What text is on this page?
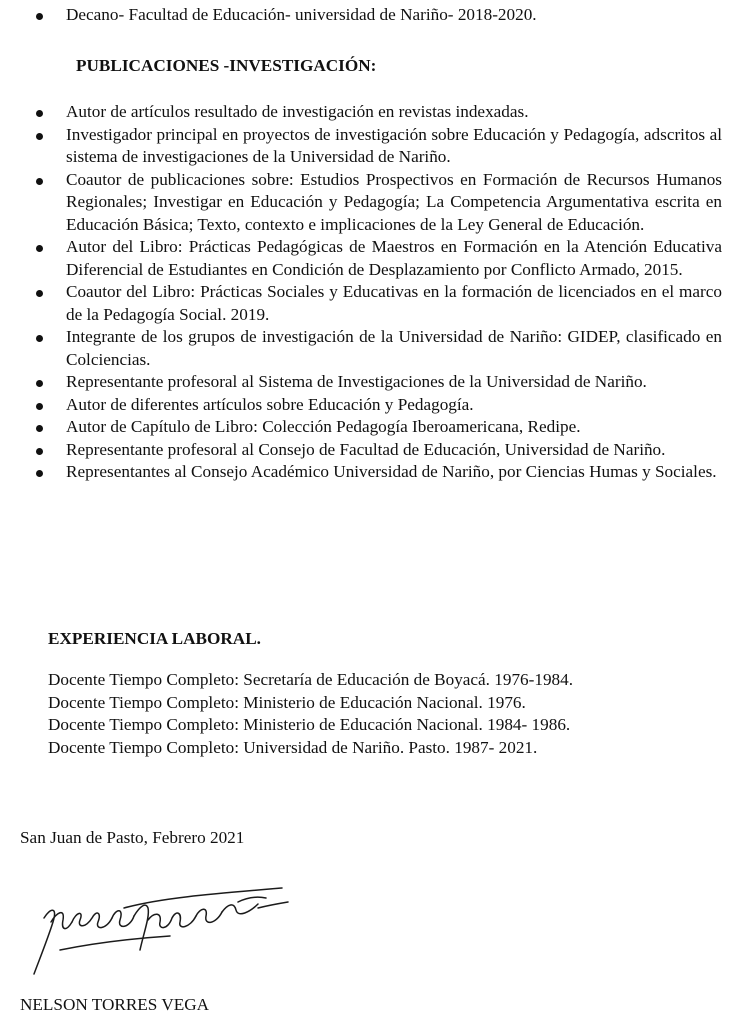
Decano- Facultad de Educación- universidad de Nariño- 2018-2020.
PUBLICACIONES -INVESTIGACIÓN:
Autor de artículos resultado de investigación en revistas indexadas.
Investigador principal en proyectos de investigación sobre Educación y Pedagogía, adscritos al sistema de investigaciones de la Universidad de Nariño.
Coautor de publicaciones sobre: Estudios Prospectivos en Formación de Recursos Humanos Regionales; Investigar en Educación y Pedagogía; La Competencia Argumentativa escrita en Educación Básica; Texto, contexto e implicaciones de la Ley General de Educación.
Autor del Libro: Prácticas Pedagógicas de Maestros en Formación en la Atención Educativa Diferencial de Estudiantes en Condición de Desplazamiento por Conflicto Armado, 2015.
Coautor del Libro: Prácticas Sociales y Educativas en la formación de licenciados en el marco de la Pedagogía Social. 2019.
Integrante de los grupos de investigación de la Universidad de Nariño: GIDEP, clasificado en Colciencias.
Representante profesoral al Sistema de Investigaciones de la Universidad de Nariño.
Autor de diferentes artículos sobre Educación y Pedagogía.
Autor de Capítulo de Libro: Colección Pedagogía Iberoamericana, Redipe.
Representante profesoral al Consejo de Facultad de Educación, Universidad de Nariño.
Representantes al Consejo Académico Universidad de Nariño, por Ciencias Humas y Sociales.
EXPERIENCIA LABORAL.
Docente Tiempo Completo: Secretaría de Educación de Boyacá. 1976-1984.
Docente Tiempo Completo: Ministerio de Educación Nacional. 1976.
Docente Tiempo Completo: Ministerio de Educación Nacional. 1984- 1986.
Docente Tiempo Completo: Universidad de Nariño. Pasto. 1987- 2021.
San Juan de Pasto, Febrero 2021
NELSON TORRES VEGA
